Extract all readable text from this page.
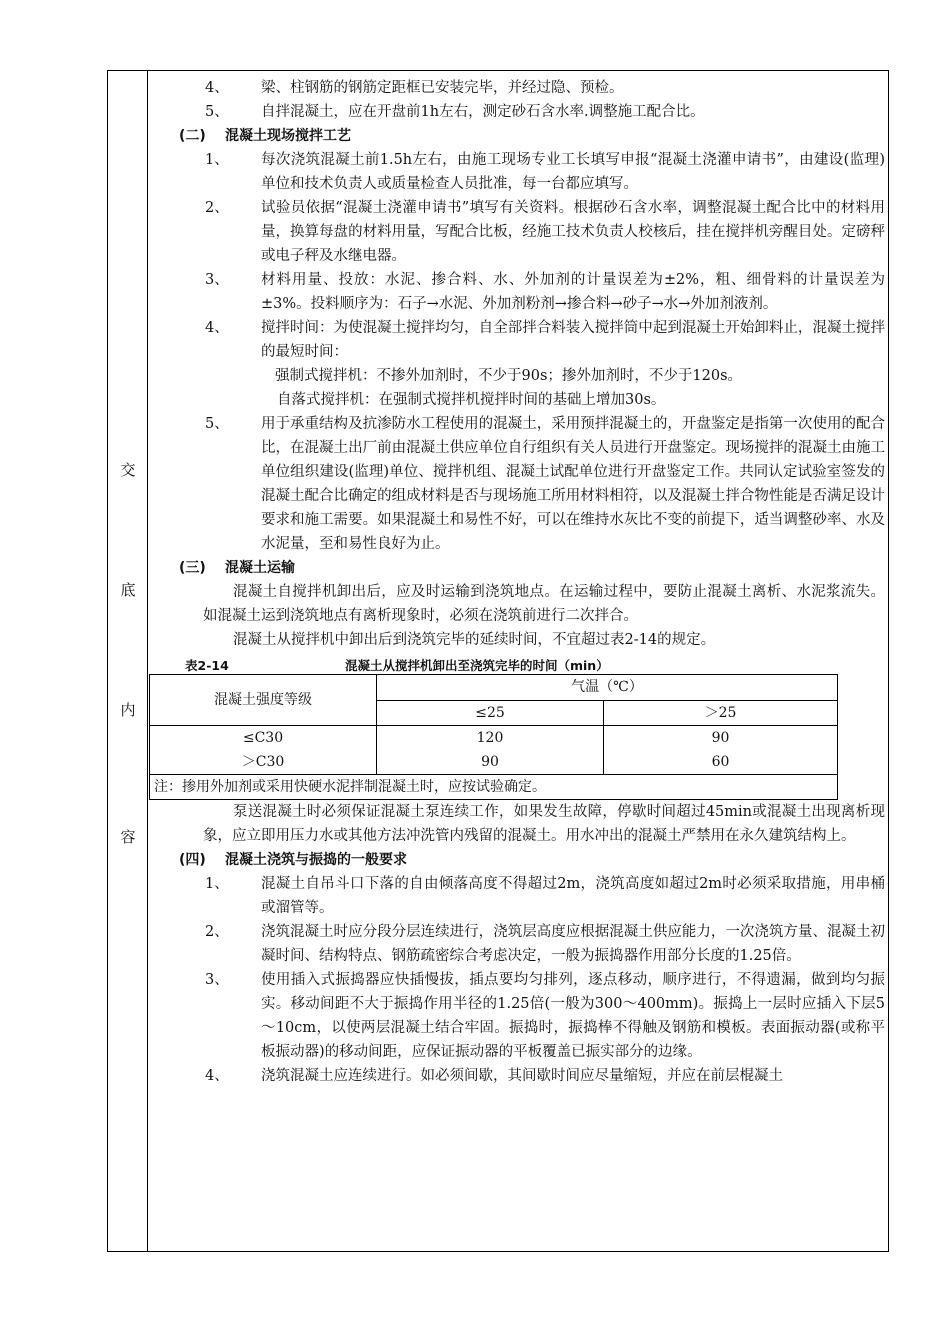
交
底
内
容
4、 梁、柱钢筋的钢筋定距框已安装完毕，并经过隐、预检。
5、 自拌混凝土，应在开盘前1h左右，测定砂石含水率.调整施工配合比。
(二) 混凝土现场搅拌工艺
1、 每次浇筑混凝土前1.5h左右，由施工现场专业工长填写申报“混凝土浇灌申请书”，由建设(监理)单位和技术负责人或质量检查人员批准，每一台都应填写。
2、 试验员依据“混凝土浇灌申请书”填写有关资料。根据砂石含水率，调整混凝土配合比中的材料用量，换算每盘的材料用量，写配合比板，经施工技术负责人校核后，挂在搅拌机旁醒目处。定磅秤或电子秤及水继电器。
3、 材料用量、投放：水泥、掺合料、水、外加剂的计量误差为±2%，粗、细骨料的计量误差为±3%。投料顺序为：石子→水泥、外加剂粉剂→掺合料→砂子→水→外加剂液剂。
4、 搅拌时间：为使混凝土搅拌均匀，自全部拌合料装入搅拌筒中起到混凝土开始卸料止，混凝土搅拌的最短时间：
强制式搅拌机：不掺外加剂时，不少于90s；掺外加剂时，不少于120s。
自落式搅拌机：在强制式搅拌机搅拌时间的基础上增加30s。
5、 用于承重结构及抗渗防水工程使用的混凝土，采用预拌混凝土的，开盘鉴定是指第一次使用的配合比，在混凝土出厂前由混凝土供应单位自行组织有关人员进行开盘鉴定。现场搅拌的混凝土由施工单位组织建设(监理)单位、搅拌机组、混凝土试配单位进行开盘鉴定工作。共同认定试验室签发的混凝土配合比确定的组成材料是否与现场施工所用材料相符，以及混凝土拌合物性能是否满足设计要求和施工需要。如果混凝土和易性不好，可以在维持水灰比不变的前提下，适当调整砂率、水及水泥量，至和易性良好为止。
(三) 混凝土运输
混凝土自搅拌机卸出后，应及时运输到浇筑地点。在运输过程中，要防止混凝土离析、水泥浆流失。如混凝土运到浇筑地点有离析现象时，必须在浇筑前进行二次拌合。
混凝土从搅拌机中卸出后到浇筑完毕的延续时间，不宜超过表2-14的规定。
表2-14	混凝土从搅拌机卸出至浇筑完毕的时间（min）
混凝土强度等级	气温（℃）	
	≤25	＞25
≤C30	120	90
＞C30	90	60
注：掺用外加剂或采用快硬水泥拌制混凝土时，应按试验确定。		
泵送混凝土时必须保证混凝土泵连续工作，如果发生故障，停歇时间超过45min或混凝土出现离析现象，应立即用压力水或其他方法冲洗管内残留的混凝土。用水冲出的混凝土严禁用在永久建筑结构上。
(四) 混凝土浇筑与振捣的一般要求
1、 混凝土自吊斗口下落的自由倾落高度不得超过2m，浇筑高度如超过2m时必须采取措施，用串桶或溜管等。
2、 浇筑混凝土时应分段分层连续进行，浇筑层高度应根据混凝土供应能力，一次浇筑方量、混凝土初凝时间、结构特点、钢筋疏密综合考虑决定，一般为振捣器作用部分长度的1.25倍。
3、 使用插入式振捣器应快插慢拔，插点要均匀排列，逐点移动，顺序进行，不得遗漏，做到均匀振实。移动间距不大于振捣作用半径的1.25倍(一般为300～400mm)。振捣上一层时应插入下层5～10cm，以使两层混凝土结合牢固。振捣时，振捣棒不得触及钢筋和模板。表面振动器(或称平板振动器)的移动间距，应保证振动器的平板覆盖已振实部分的边缘。
4、 浇筑混凝土应连续进行。如必须间歇，其间歇时间应尽量缩短，并应在前层棍凝土
